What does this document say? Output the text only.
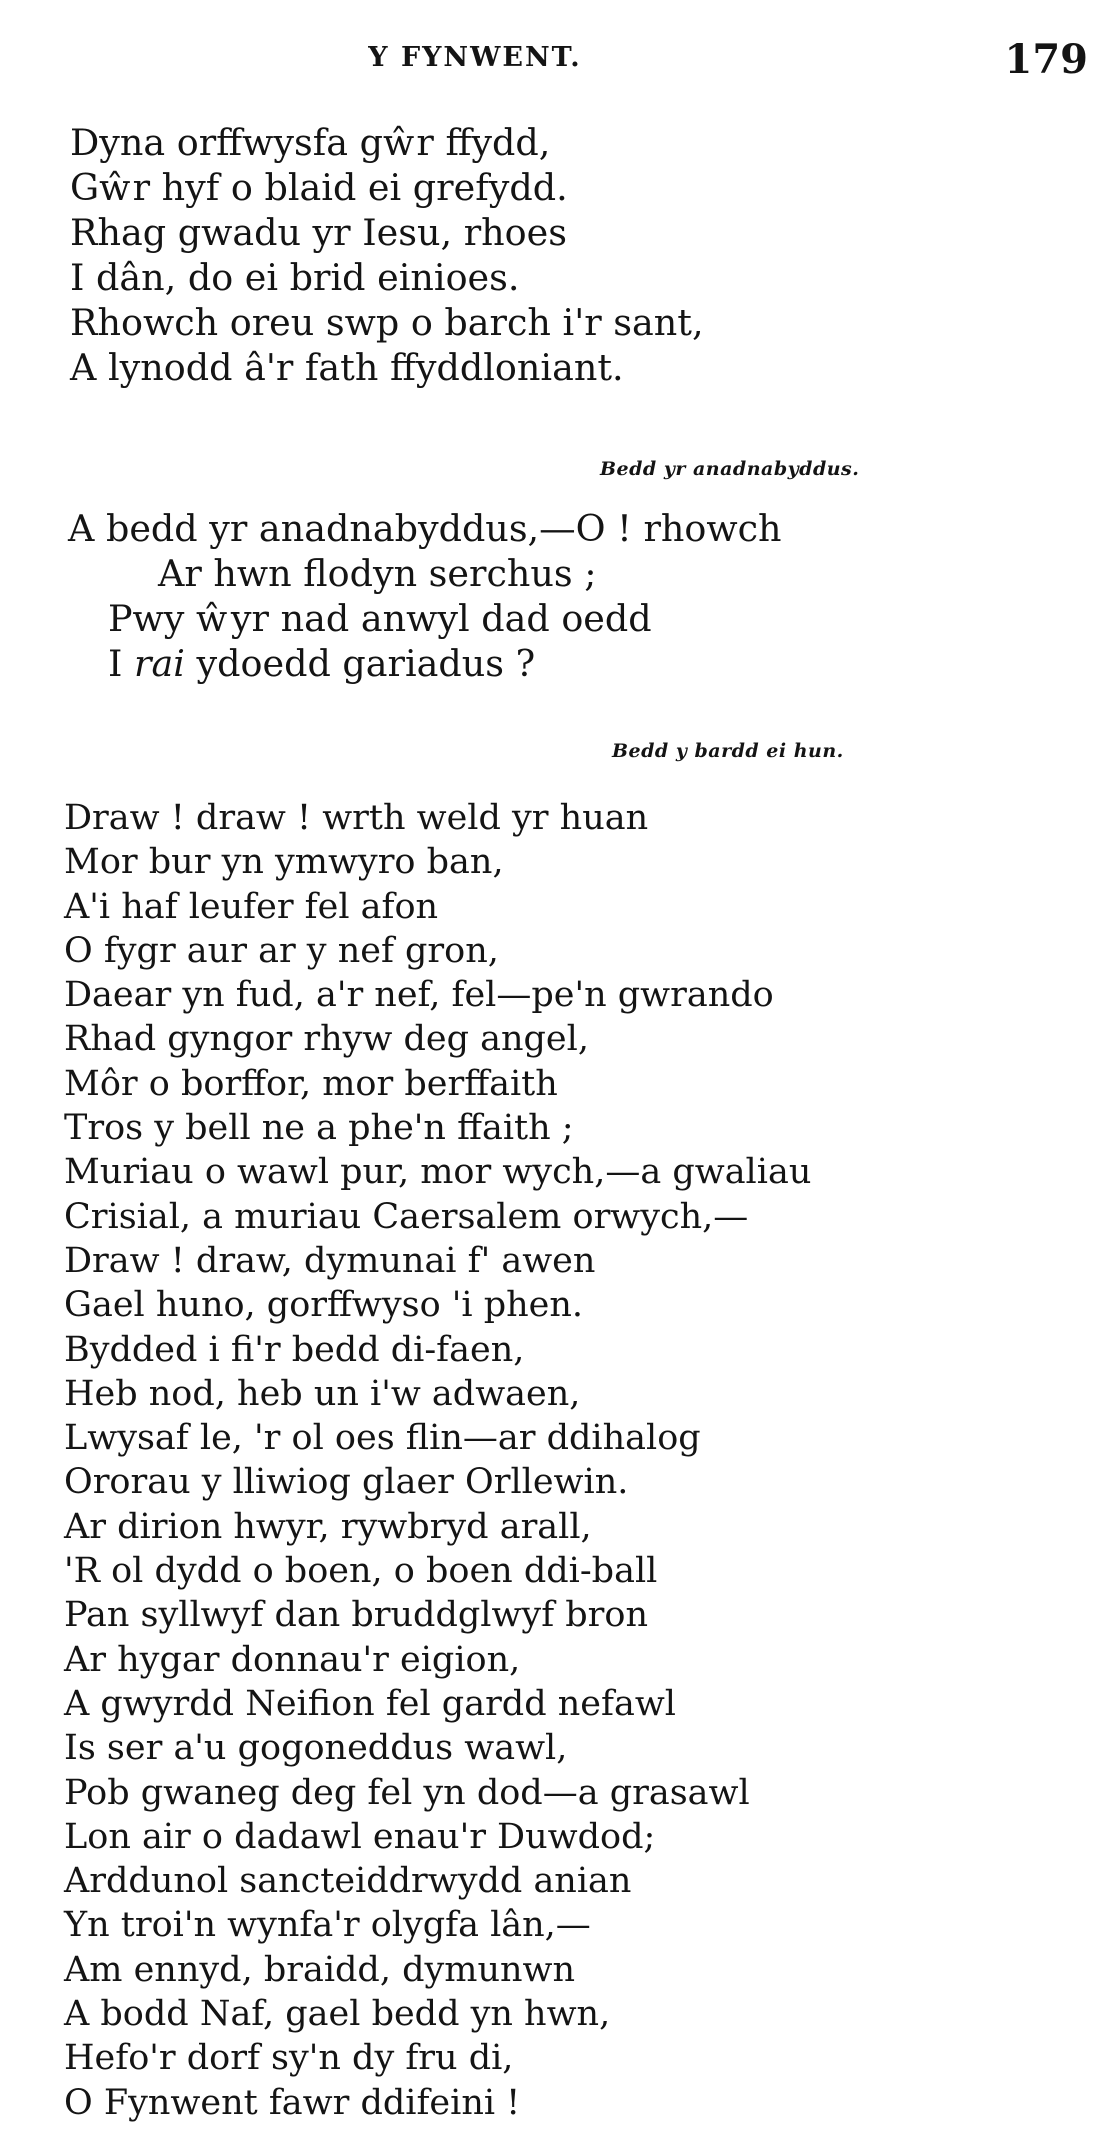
Y FYNWENT.	179
Dyna orffwysfa gŵr ffydd,
Gŵr hyf o blaid ei grefydd.
Rhag gwadu yr Iesu, rhoes
I dân, do ei brid einioes.
Rhowch oreu swp o barch i'r sant,
A lynodd â'r fath ffyddloniant.
Bedd yr anadnabyddus.
A bedd yr anadnabyddus,—O ! rhowch
Ar hwn flodyn serchus ;
Pwy ŵyr nad anwyl dad oedd
I rai ydoedd gariadus ?
Bedd y bardd ei hun.
Draw ! draw ! wrth weld yr huan
Mor bur yn ymwyro ban,
A'i haf leufer fel afon
O fygr aur ar y nef gron,
Daear yn fud, a'r nef, fel—pe'n gwrando
Rhad gyngor rhyw deg angel,
Môr o borffor, mor berffaith
Tros y bell ne a phe'n ffaith ;
Muriau o wawl pur, mor wych,—a gwaliau
Crisial, a muriau Caersalem orwych,—
Draw ! draw, dymunai f' awen
Gael huno, gorffwyso 'i phen.
Bydded i fi'r bedd di-faen,
Heb nod, heb un i'w adwaen,
Lwysaf le, 'r ol oes flin—ar ddihalog
Ororau y lliwiog glaer Orllewin.
Ar dirion hwyr, rywbryd arall,
'R ol dydd o boen, o boen ddi-ball
Pan syllwyf dan bruddglwyf bron
Ar hygar donnau'r eigion,
A gwyrdd Neifion fel gardd nefawl
Is ser a'u gogoneddus wawl,
Pob gwaneg deg fel yn dod—a grasawl
Lon air o dadawl enau'r Duwdod;
Arddunol sancteiddrwydd anian
Yn troi'n wynfa'r olygfa lân,—
Am ennyd, braidd, dymunwn
A bodd Naf, gael bedd yn hwn,
Hefo'r dorf sy'n dy fru di,
O Fynwent fawr ddifeini !
